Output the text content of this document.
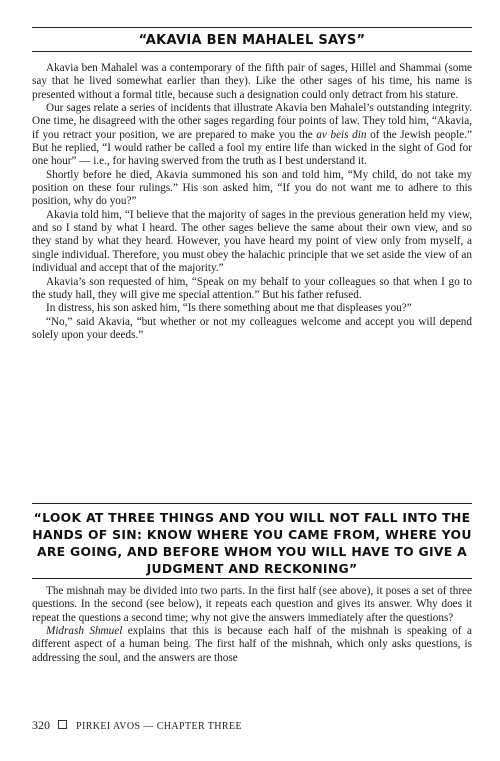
“AKAVIA BEN MAHALEL SAYS”

Akavia ben Mahalel was a contemporary of the fifth pair of sages, Hillel and Shammai (some say that he lived somewhat earlier than they). Like the other sages of his time, his name is presented without a formal title, because such a designation could only detract from his stature.

Our sages relate a series of incidents that illustrate Akavia ben Mahalel’s outstanding integrity. One time, he disagreed with the other sages regarding four points of law. They told him, “Akavia, if you retract your position, we are prepared to make you the av beis din of the Jewish people.” But he replied, “I would rather be called a fool my entire life than wicked in the sight of God for one hour” — i.e., for having swerved from the truth as I best understand it.

Shortly before he died, Akavia summoned his son and told him, “My child, do not take my position on these four rulings.” His son asked him, “If you do not want me to adhere to this position, why do you?”

Akavia told him, “I believe that the majority of sages in the previous generation held my view, and so I stand by what I heard. The other sages believe the same about their own view, and so they stand by what they heard. However, you have heard my point of view only from myself, a single individual. Therefore, you must obey the halachic principle that we set aside the view of an individual and accept that of the majority.”

Akavia’s son requested of him, “Speak on my behalf to your colleagues so that when I go to the study hall, they will give me special attention.” But his father refused.

In distress, his son asked him, “Is there something about me that displeases you?”

“No,” said Akavia, “but whether or not my colleagues welcome and accept you will depend solely upon your deeds.”

“LOOK AT THREE THINGS AND YOU WILL NOT FALL INTO THE HANDS OF SIN: KNOW WHERE YOU CAME FROM, WHERE YOU ARE GOING, AND BEFORE WHOM YOU WILL HAVE TO GIVE A JUDGMENT AND RECKONING”

The mishnah may be divided into two parts. In the first half (see above), it poses a set of three questions. In the second (see below), it repeats each question and gives its answer. Why does it repeat the questions a second time; why not give the answers immediately after the questions?

Midrash Shmuel explains that this is because each half of the mishnah is speaking of a different aspect of a human being. The first half of the mishnah, which only asks questions, is addressing the soul, and the answers are those

320	PIRKEI AVOS — CHAPTER THREE
